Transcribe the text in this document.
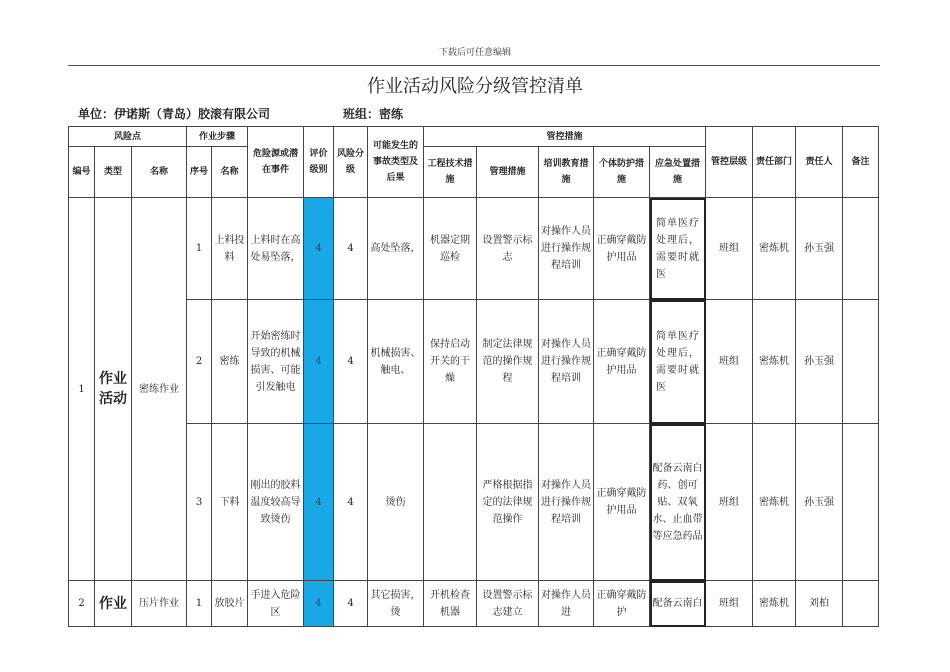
下载后可任意编辑
作业活动风险分级管控清单
单位：伊诺斯（青岛）胶滚有限公司	班组：密练
风险点			作业步骤		危险源或潜在事件	评价级别	风险分级	可能发生的事故类型及后果	管控措施					管控层级	责任部门	责任人	备注
编号	类型	名称	序号	名称					工程技术措施	管理措施	培训教育措施	个体防护措施	应急处置措施				
1	作业活动	密练作业	1	上料投料	上料时在高处易坠落，	4	4	高处坠落，	机器定期巡检	设置警示标志	对操作人员进行操作规程培训	正确穿戴防护用品	简单医疗处理后，需要时就医	班组	密炼机	孙玉强	
			2	密练	开始密练时导致的机械损害、可能引发触电	4	4	机械损害、触电、	保持启动开关的干燥	制定法律规范的操作规程	对操作人员进行操作规程培训	正确穿戴防护用品	简单医疗处理后，需要时就医	班组	密炼机	孙玉强	
			3	下料	刚出的胶料温度较高导致烫伤	4	4	烫伤		严格根据指定的法律规范操作	对操作人员进行操作规程培训	正确穿戴防护用品	配备云南白药、创可贴、双氧水、止血带等应急药品	班组	密炼机	孙玉强	
2	作业	压片作业	1	放胶片	手进入危险区	4	4	其它损害，烫	开机检查机器	设置警示标志建立	对操作人员进	正确穿戴防护	配备云南白	班组	密炼机	刘柏	
